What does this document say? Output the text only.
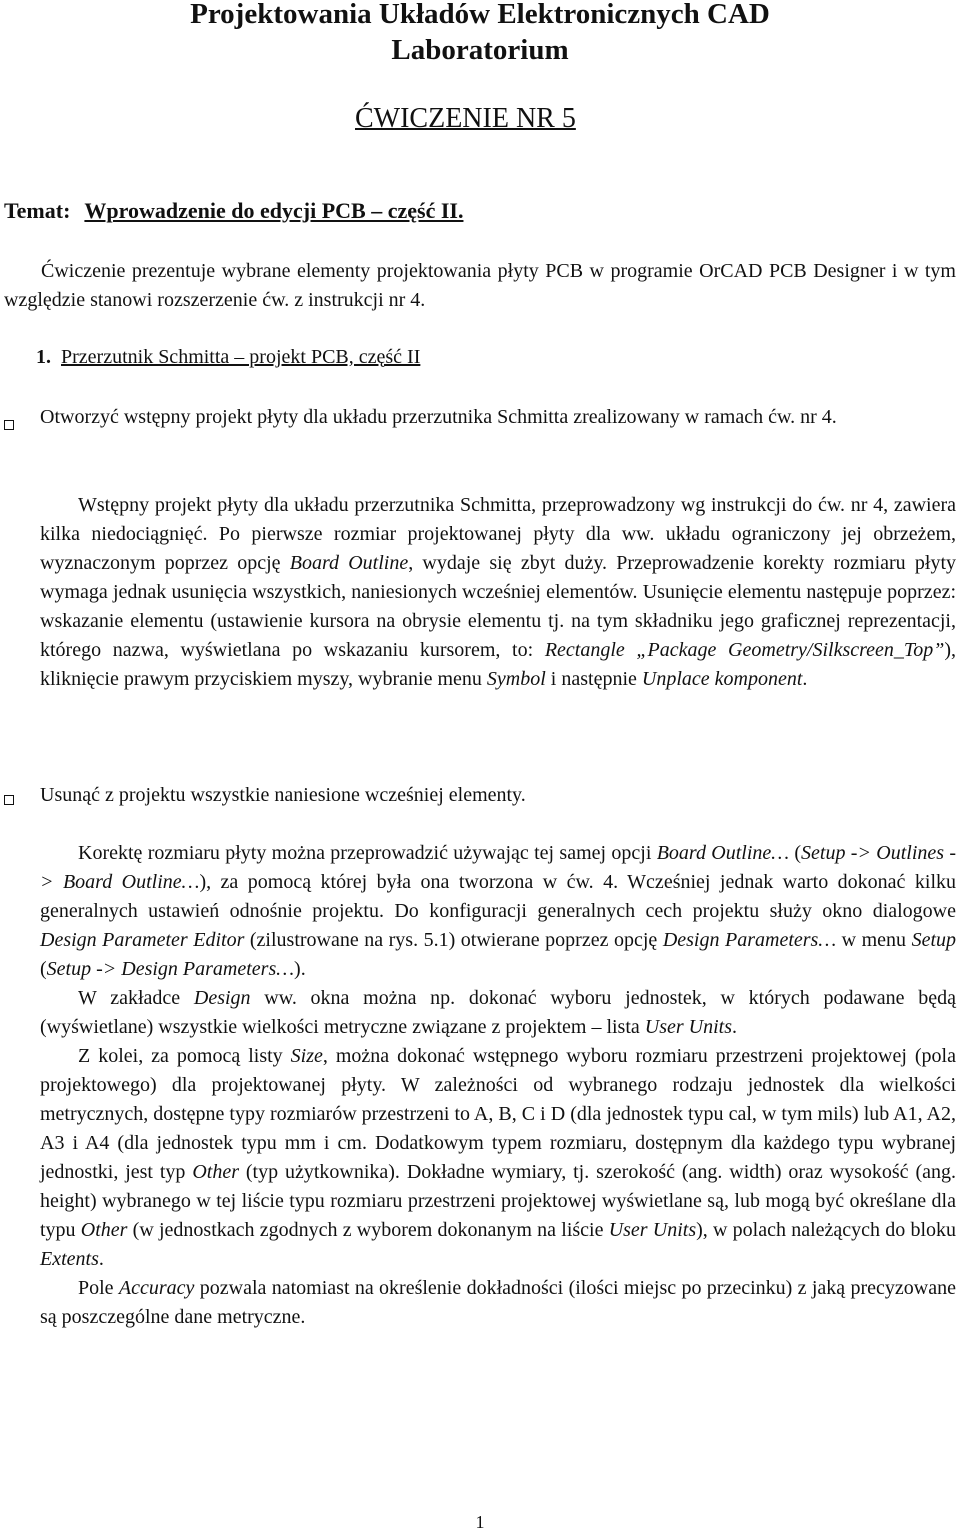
Projektowania Układów Elektronicznych CAD
Laboratorium
ĆWICZENIE NR 5
Temat: Wprowadzenie do edycji PCB – część II.
Ćwiczenie prezentuje wybrane elementy projektowania płyty PCB w programie OrCAD PCB Designer i w tym względzie stanowi rozszerzenie ćw. z instrukcji nr 4.
1. Przerzutnik Schmitta – projekt PCB, część II
Otworzyć wstępny projekt płyty dla układu przerzutnika Schmitta zrealizowany w ramach ćw. nr 4.
Wstępny projekt płyty dla układu przerzutnika Schmitta, przeprowadzony wg instrukcji do ćw. nr 4, zawiera kilka niedociągnięć. Po pierwsze rozmiar projektowanej płyty dla ww. układu ograniczony jej obrzeżem, wyznaczonym poprzez opcję Board Outline, wydaje się zbyt duży. Przeprowadzenie korekty rozmiaru płyty wymaga jednak usunięcia wszystkich, naniesionych wcześniej elementów. Usunięcie elementu następuje poprzez: wskazanie elementu (ustawienie kursora na obrysie elementu tj. na tym składniku jego graficznej reprezentacji, którego nazwa, wyświetlana po wskazaniu kursorem, to: Rectangle „Package Geometry/Silkscreen_Top”), kliknięcie prawym przyciskiem myszy, wybranie menu Symbol i następnie Unplace komponent.
Usunąć z projektu wszystkie naniesione wcześniej elementy.

Korektę rozmiaru płyty można przeprowadzić używając tej samej opcji Board Outline… (Setup -> Outlines -> Board Outline…), za pomocą której była ona tworzona w ćw. 4. Wcześniej jednak warto dokonać kilku generalnych ustawień odnośnie projektu. Do konfiguracji generalnych cech projektu służy okno dialogowe Design Parameter Editor (zilustrowane na rys. 5.1) otwierane poprzez opcję Design Parameters… w menu Setup (Setup -> Design Parameters…).

W zakładce Design ww. okna można np. dokonać wyboru jednostek, w których podawane będą (wyświetlane) wszystkie wielkości metryczne związane z projektem – lista User Units.

Z kolei, za pomocą listy Size, można dokonać wstępnego wyboru rozmiaru przestrzeni projektowej (pola projektowego) dla projektowanej płyty. W zależności od wybranego rodzaju jednostek dla wielkości metrycznych, dostępne typy rozmiarów przestrzeni to A, B, C i D (dla jednostek typu cal, w tym mils) lub A1, A2, A3 i A4 (dla jednostek typu mm i cm. Dodatkowym typem rozmiaru, dostępnym dla każdego typu wybranej jednostki, jest typ Other (typ użytkownika). Dokładne wymiary, tj. szerokość (ang. width) oraz wysokość (ang. height) wybranego w tej liście typu rozmiaru przestrzeni projektowej wyświetlane są, lub mogą być określane dla typu Other (w jednostkach zgodnych z wyborem dokonanym na liście User Units), w polach należących do bloku Extents.

Pole Accuracy pozwala natomiast na określenie dokładności (ilości miejsc po przecinku) z jaką precyzowane są poszczególne dane metryczne.

1
